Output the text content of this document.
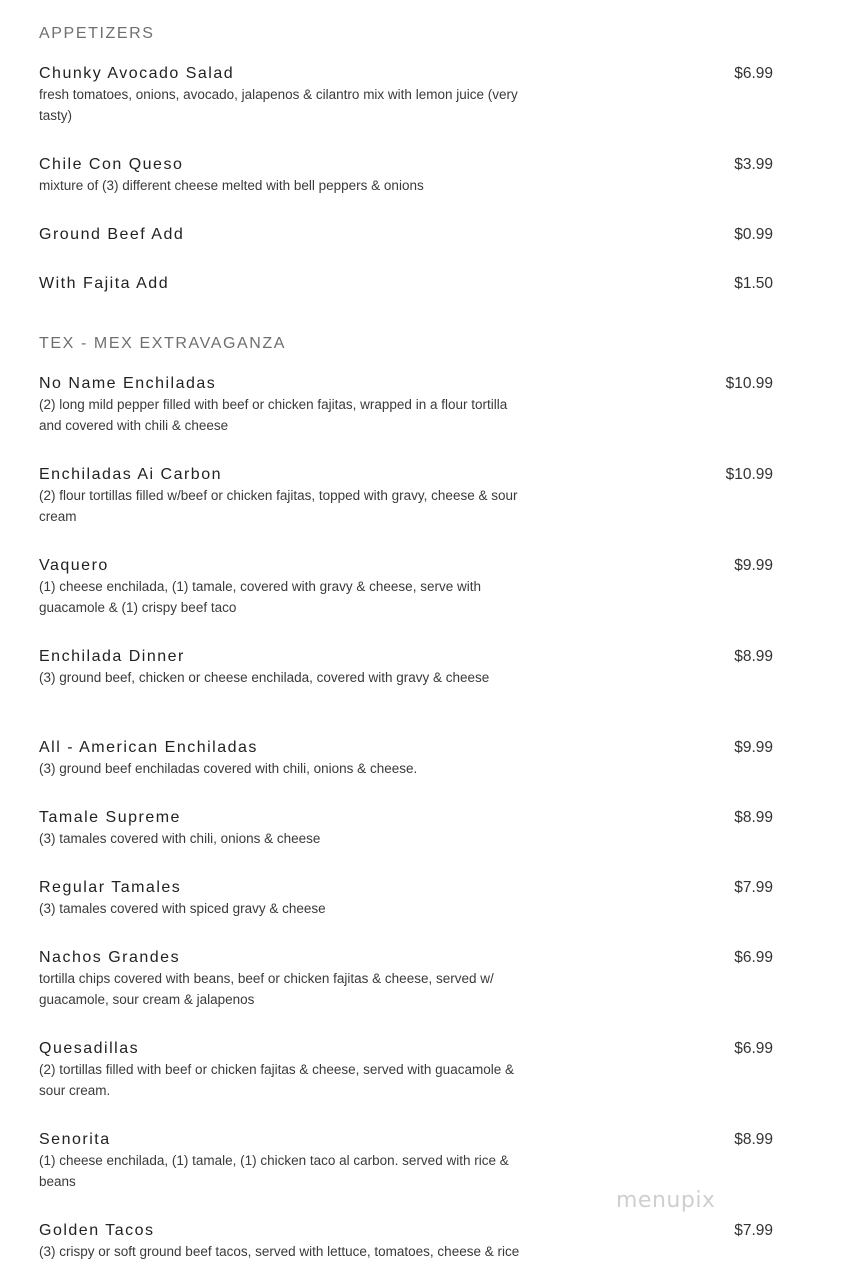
APPETIZERS
Chunky Avocado Salad
fresh tomatoes, onions, avocado, jalapenos & cilantro mix with lemon juice (very tasty)
$6.99
Chile Con Queso
mixture of (3) different cheese melted with bell peppers & onions
$3.99
Ground Beef Add	$0.99
With Fajita Add	$1.50
TEX - MEX EXTRAVAGANZA
No Name Enchiladas
(2) long mild pepper filled with beef or chicken fajitas, wrapped in a flour tortilla and covered with chili & cheese
$10.99
Enchiladas Ai Carbon
(2) flour tortillas filled w/beef or chicken fajitas, topped with gravy, cheese & sour cream
$10.99
Vaquero
(1) cheese enchilada, (1) tamale, covered with gravy & cheese, serve with guacamole & (1) crispy beef taco
$9.99
Enchilada Dinner
(3) ground beef, chicken or cheese enchilada, covered with gravy & cheese
$8.99
All - American Enchiladas
(3) ground beef enchiladas covered with chili, onions & cheese.
$9.99
Tamale Supreme
(3) tamales covered with chili, onions & cheese
$8.99
Regular Tamales
(3) tamales covered with spiced gravy & cheese
$7.99
Nachos Grandes
tortilla chips covered with beans, beef or chicken fajitas & cheese, served w/ guacamole, sour cream & jalapenos
$6.99
Quesadillas
(2) tortillas filled with beef or chicken fajitas & cheese, served with guacamole & sour cream.
$6.99
Senorita
(1) cheese enchilada, (1) tamale, (1) chicken taco al carbon. served with rice & beans
$8.99
Golden Tacos
(3) crispy or soft ground beef tacos, served with lettuce, tomatoes, cheese & rice
$7.99
menupix
